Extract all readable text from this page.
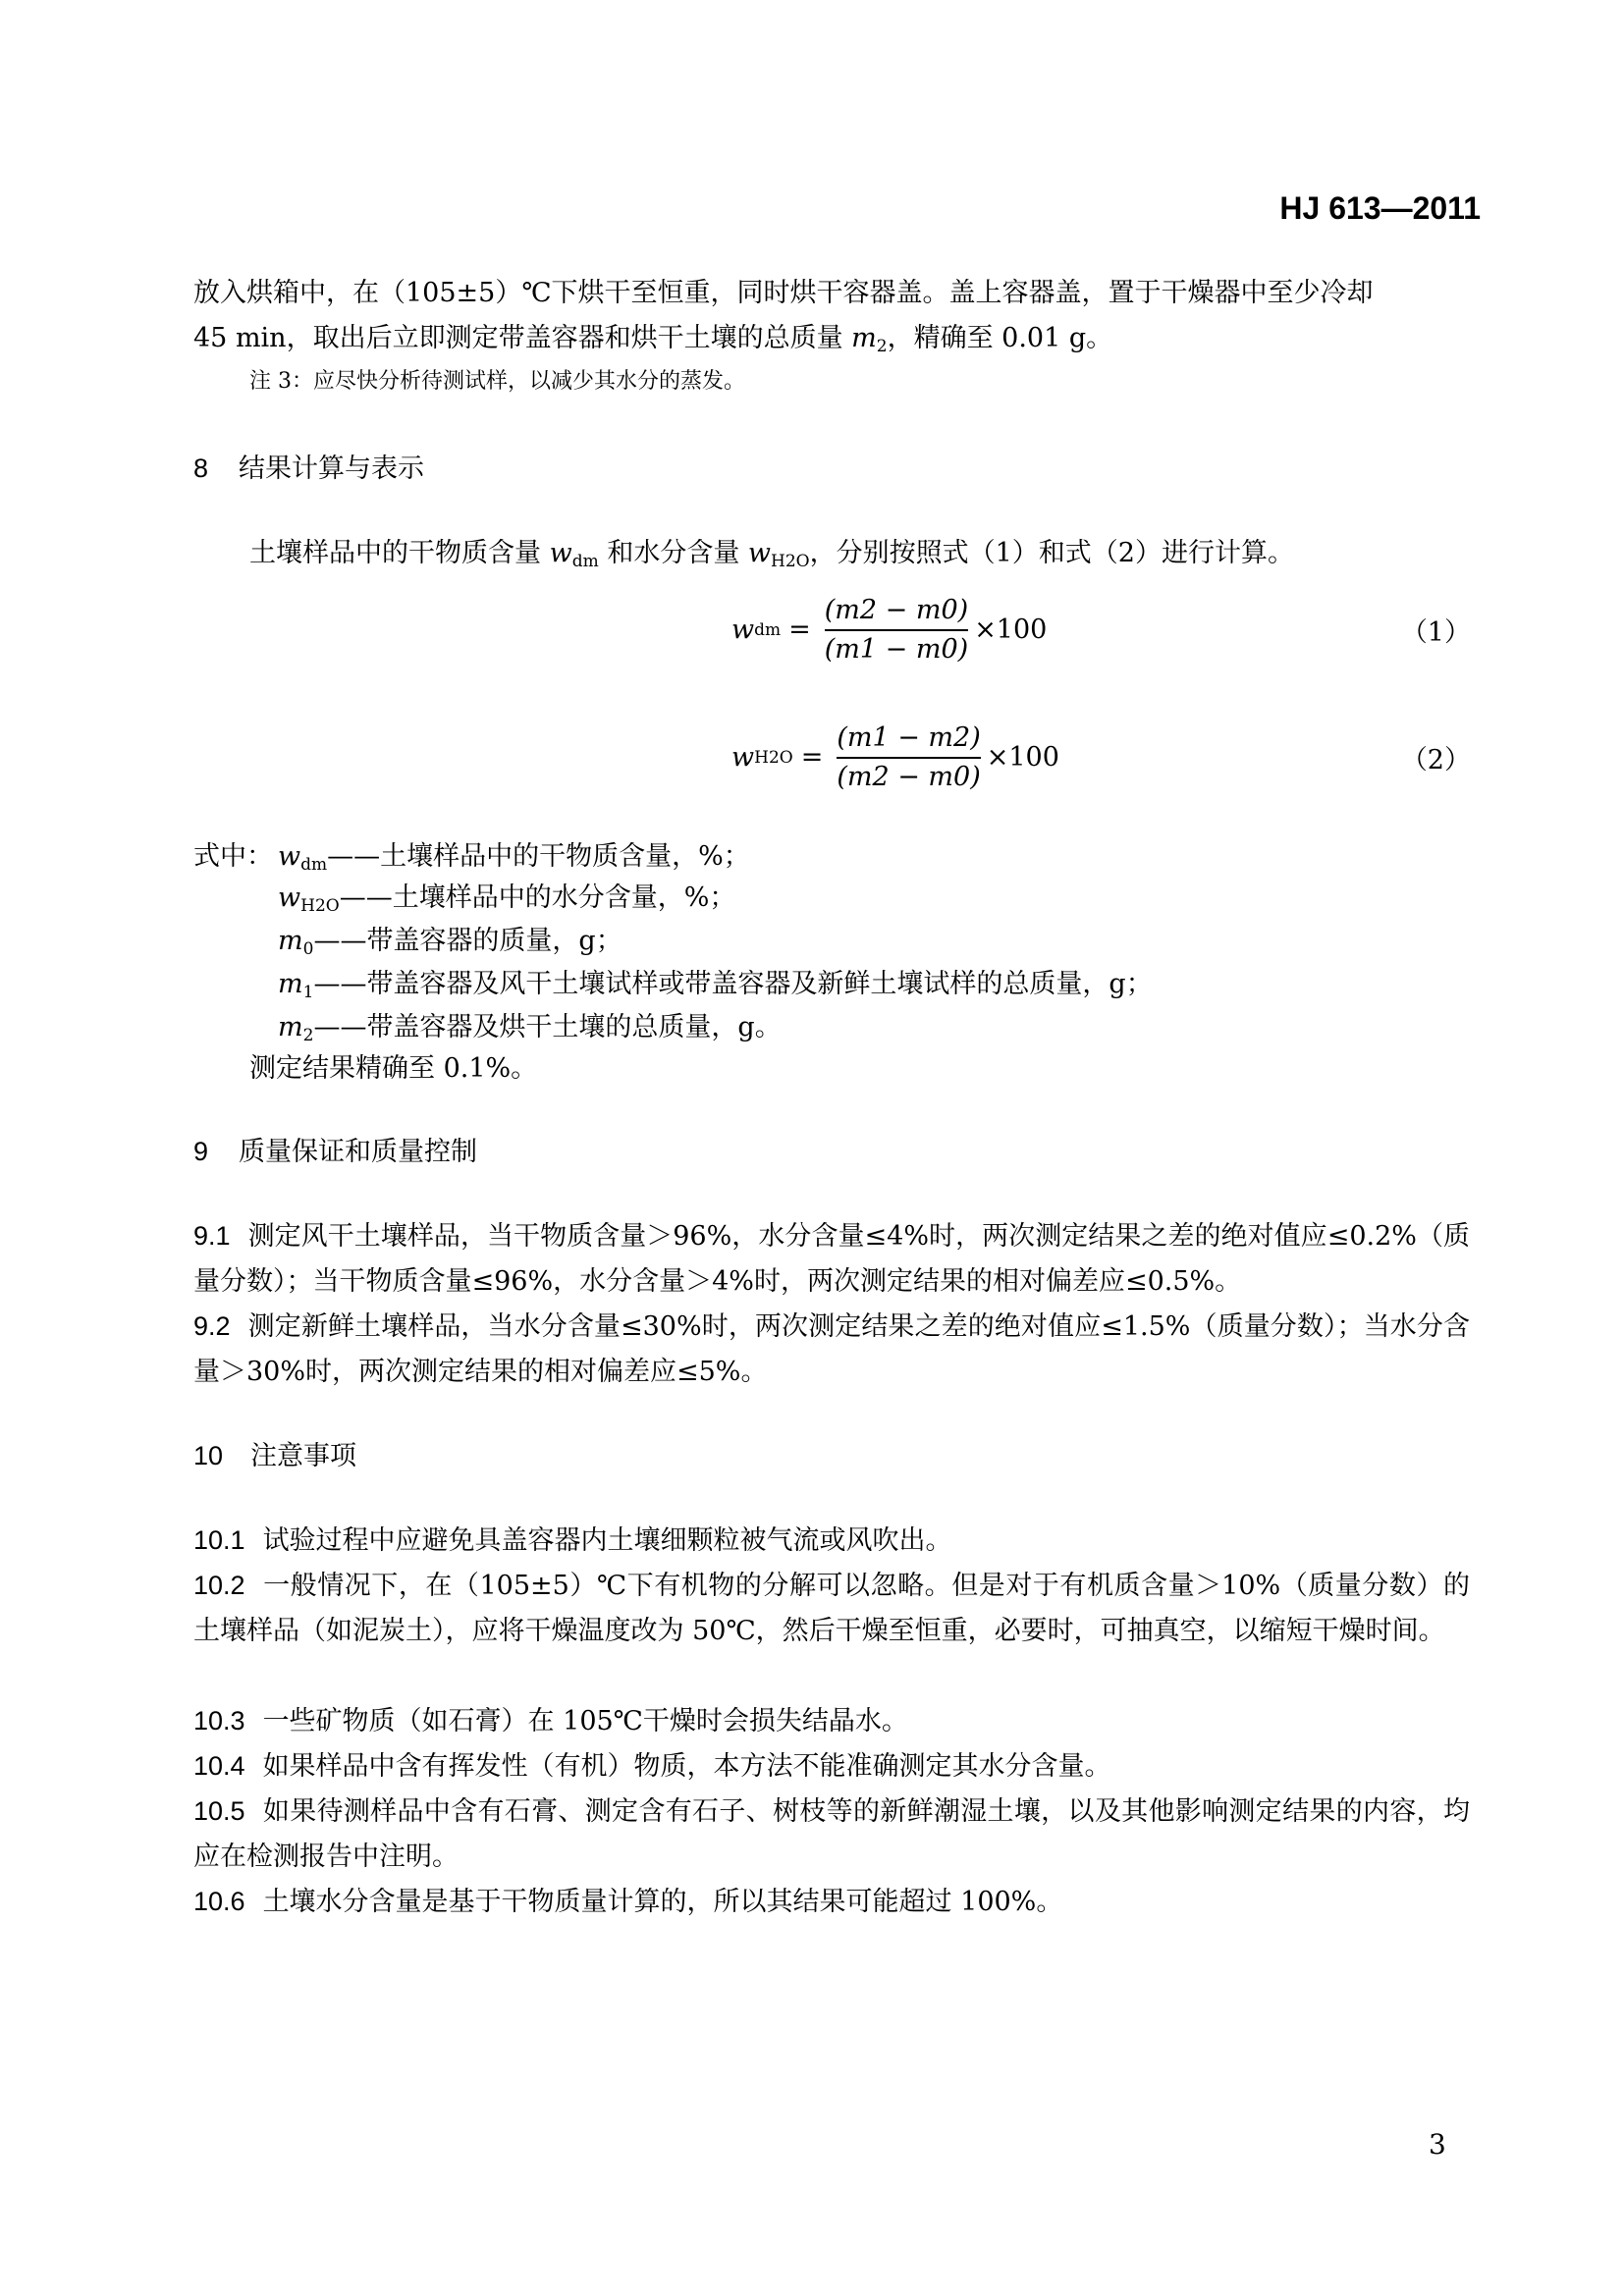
HJ 613—2011
放入烘箱中，在（105±5）℃下烘干至恒重，同时烘干容器盖。盖上容器盖，置于干燥器中至少冷却
45 min，取出后立即测定带盖容器和烘干土壤的总质量 $m_2$，精确至 0.01 g。
注 3：应尽快分析待测试样，以减少其水分的蒸发。
8 结果计算与表示
土壤样品中的干物质含量 $w_{dm}$ 和水分含量 $w_{H2O}$，分别按照式（1）和式（2）进行计算。
w dm = $\frac{(m2 - m0)}{(m1 - m0)} \times 100$	（1）
w $H2O = \frac{(m1 - m2)}{(m2 - m0)} \times 100$	（2）
式中： $w_{dm}——$土壤样品中的干物质含量，%；
$w_{H2O}——$土壤样品中的水分含量，%；
$m_0——$带盖容器的质量，g；
$m_1——$带盖容器及风干土壤试样或带盖容器及新鲜土壤试样的总质量，g；
$m_2——$带盖容器及烘干土壤的总质量，g。
测定结果精确至 0.1%。
9 质量保证和质量控制
9.1 测定风干土壤样品，当干物质含量＞96%，水分含量≤4%时，两次测定结果之差的绝对值应≤0.2%（质量分数）；当干物质含量≤96%，水分含量＞4%时，两次测定结果的相对偏差应≤0.5%。
9.2 测定新鲜土壤样品，当水分含量≤30%时，两次测定结果之差的绝对值应≤1.5%（质量分数）；当水分含量＞30%时，两次测定结果的相对偏差应≤5%。
10 注意事项
10.1 试验过程中应避免具盖容器内土壤细颗粒被气流或风吹出。
10.2 一般情况下，在（105±5）℃下有机物的分解可以忽略。但是对于有机质含量＞10%（质量分数）的土壤样品（如泥炭土），应将干燥温度改为 50℃，然后干燥至恒重，必要时，可抽真空，以缩短干燥时间。
10.3 一些矿物质（如石膏）在 105℃干燥时会损失结晶水。
10.4 如果样品中含有挥发性（有机）物质，本方法不能准确测定其水分含量。
10.5 如果待测样品中含有石膏、测定含有石子、树枝等的新鲜潮湿土壤，以及其他影响测定结果的内容，均应在检测报告中注明。
10.6 土壤水分含量是基于干物质量计算的，所以其结果可能超过 100%。
3
